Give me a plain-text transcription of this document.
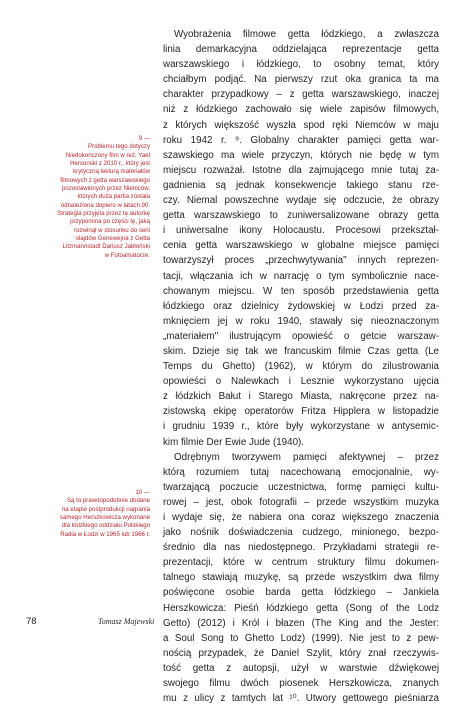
9 —
Problemu tego dotyczy
Niedokończony film w reż. Yael
Hersonski z 2010 r., który jest
krytyczną lekturą materiałów
filmowych z getta warszawskiego
pozostawionych przez Niemców,
których duża partia została
odnaleziona dopiero w latach 90.
Strategia przyjęta przez tę autorkę
przypomina po części tę, jaką
rozwinął w stosunku do serii
slajdów Genewejna z Getta
Litzmannstadt Dariusz Jabłoński
w Fotoamatorze.
10 —
Są to prawdopodobnie dodane
na etapie postprodukcji nagrania
samego Herszkowicza wykonane
dla łódzkiego oddziału Polskiego
Radia w Łodzi w 1965 lub 1966 r.
Wyobrażenia filmowe getta łódzkiego, a zwłaszcza
linia demarkacyjna oddzielająca reprezentacje getta
warszawskiego i łódzkiego, to osobny temat, który
chciałbym podjąć. Na pierwszy rzut oka granica ta ma
charakter przypadkowy – z getta warszawskiego, inaczej
niż z łódzkiego zachowało się wiele zapisów filmowych,
z których większość wyszła spod ręki Niemców w maju
roku 1942 r. ⁹. Globalny charakter pamięci getta war-
szawskiego ma wiele przyczyn, których nie będę w tym
miejscu rozważał. Istotne dla zajmującego mnie tutaj za-
gadnienia są jednak konsekwencje takiego stanu rze-
czy. Niemal powszechne wydaje się odczucie, że obrazy
getta warszawskiego to zuniwersalizowane obrazy getta
i uniwersalne ikony Holocaustu. Procesowi przekształ-
cenia getta warszawskiego w globalne miejsce pamięci
towarzyszył proces „przechwytywania" innych reprezen-
tacji, włączania ich w narrację o tym symbolicznie nace-
chowanym miejscu. W ten sposób przedstawienia getta
łódzkiego oraz dzielnicy żydowskiej w Łodzi przed za-
mknięciem jej w roku 1940, stawały się nieoznaczonym
„materiałem" ilustrującym opowieść o getcie warszaw-
skim. Dzieje się tak we francuskim filmie Czas getta (Le
Temps du Ghetto) (1962), w którym do zilustrowania
opowieści o Nalewkach i Lesznie wykorzystano ujęcia
z łódzkich Bałut i Starego Miasta, nakręcone przez na-
zistowską ekipę operatorów Fritza Hipplera w listopadzie
i grudniu 1939 r., które były wykorzystane w antysemic-
kim filmie Der Ewie Jude (1940).
Odrębnym tworzywem pamięci afektywnej – przez
którą rozumiem tutaj nacechowaną emocjonalnie, wy-
twarzającą poczucie uczestnictwa, formę pamięci kultu-
rowej – jest, obok fotografii – przede wszystkim muzyka
i wydaje się, że nabiera ona coraz większego znaczenia
jako nośnik doświadczenia cudzego, minionego, bezpo-
średnio dla nas niedostępnego. Przykładami strategii re-
prezentacji, które w centrum struktury filmu dokumen-
talnego stawiają muzykę, są przede wszystkim dwa filmy
poświęcone osobie barda getta łódzkiego – Jankiela
Herszkowicza: Pieśń łódzkiego getta (Song of the Lodz
Getto) (2012) i Król i błazen (The King and the Jester:
a Soul Song to Ghetto Lodz) (1999). Nie jest to z pew-
nością przypadek, że Daniel Szylit, który znał rzeczywis-
tość getta z autopsji, użył w warstwie dźwiękowej
swojego filmu dwóch piosenek Herszkowicza, znanych
mu z ulicy z tamtych lat ¹⁰. Utwory gettowego pieśniarza
78	Tomasz Majewski
